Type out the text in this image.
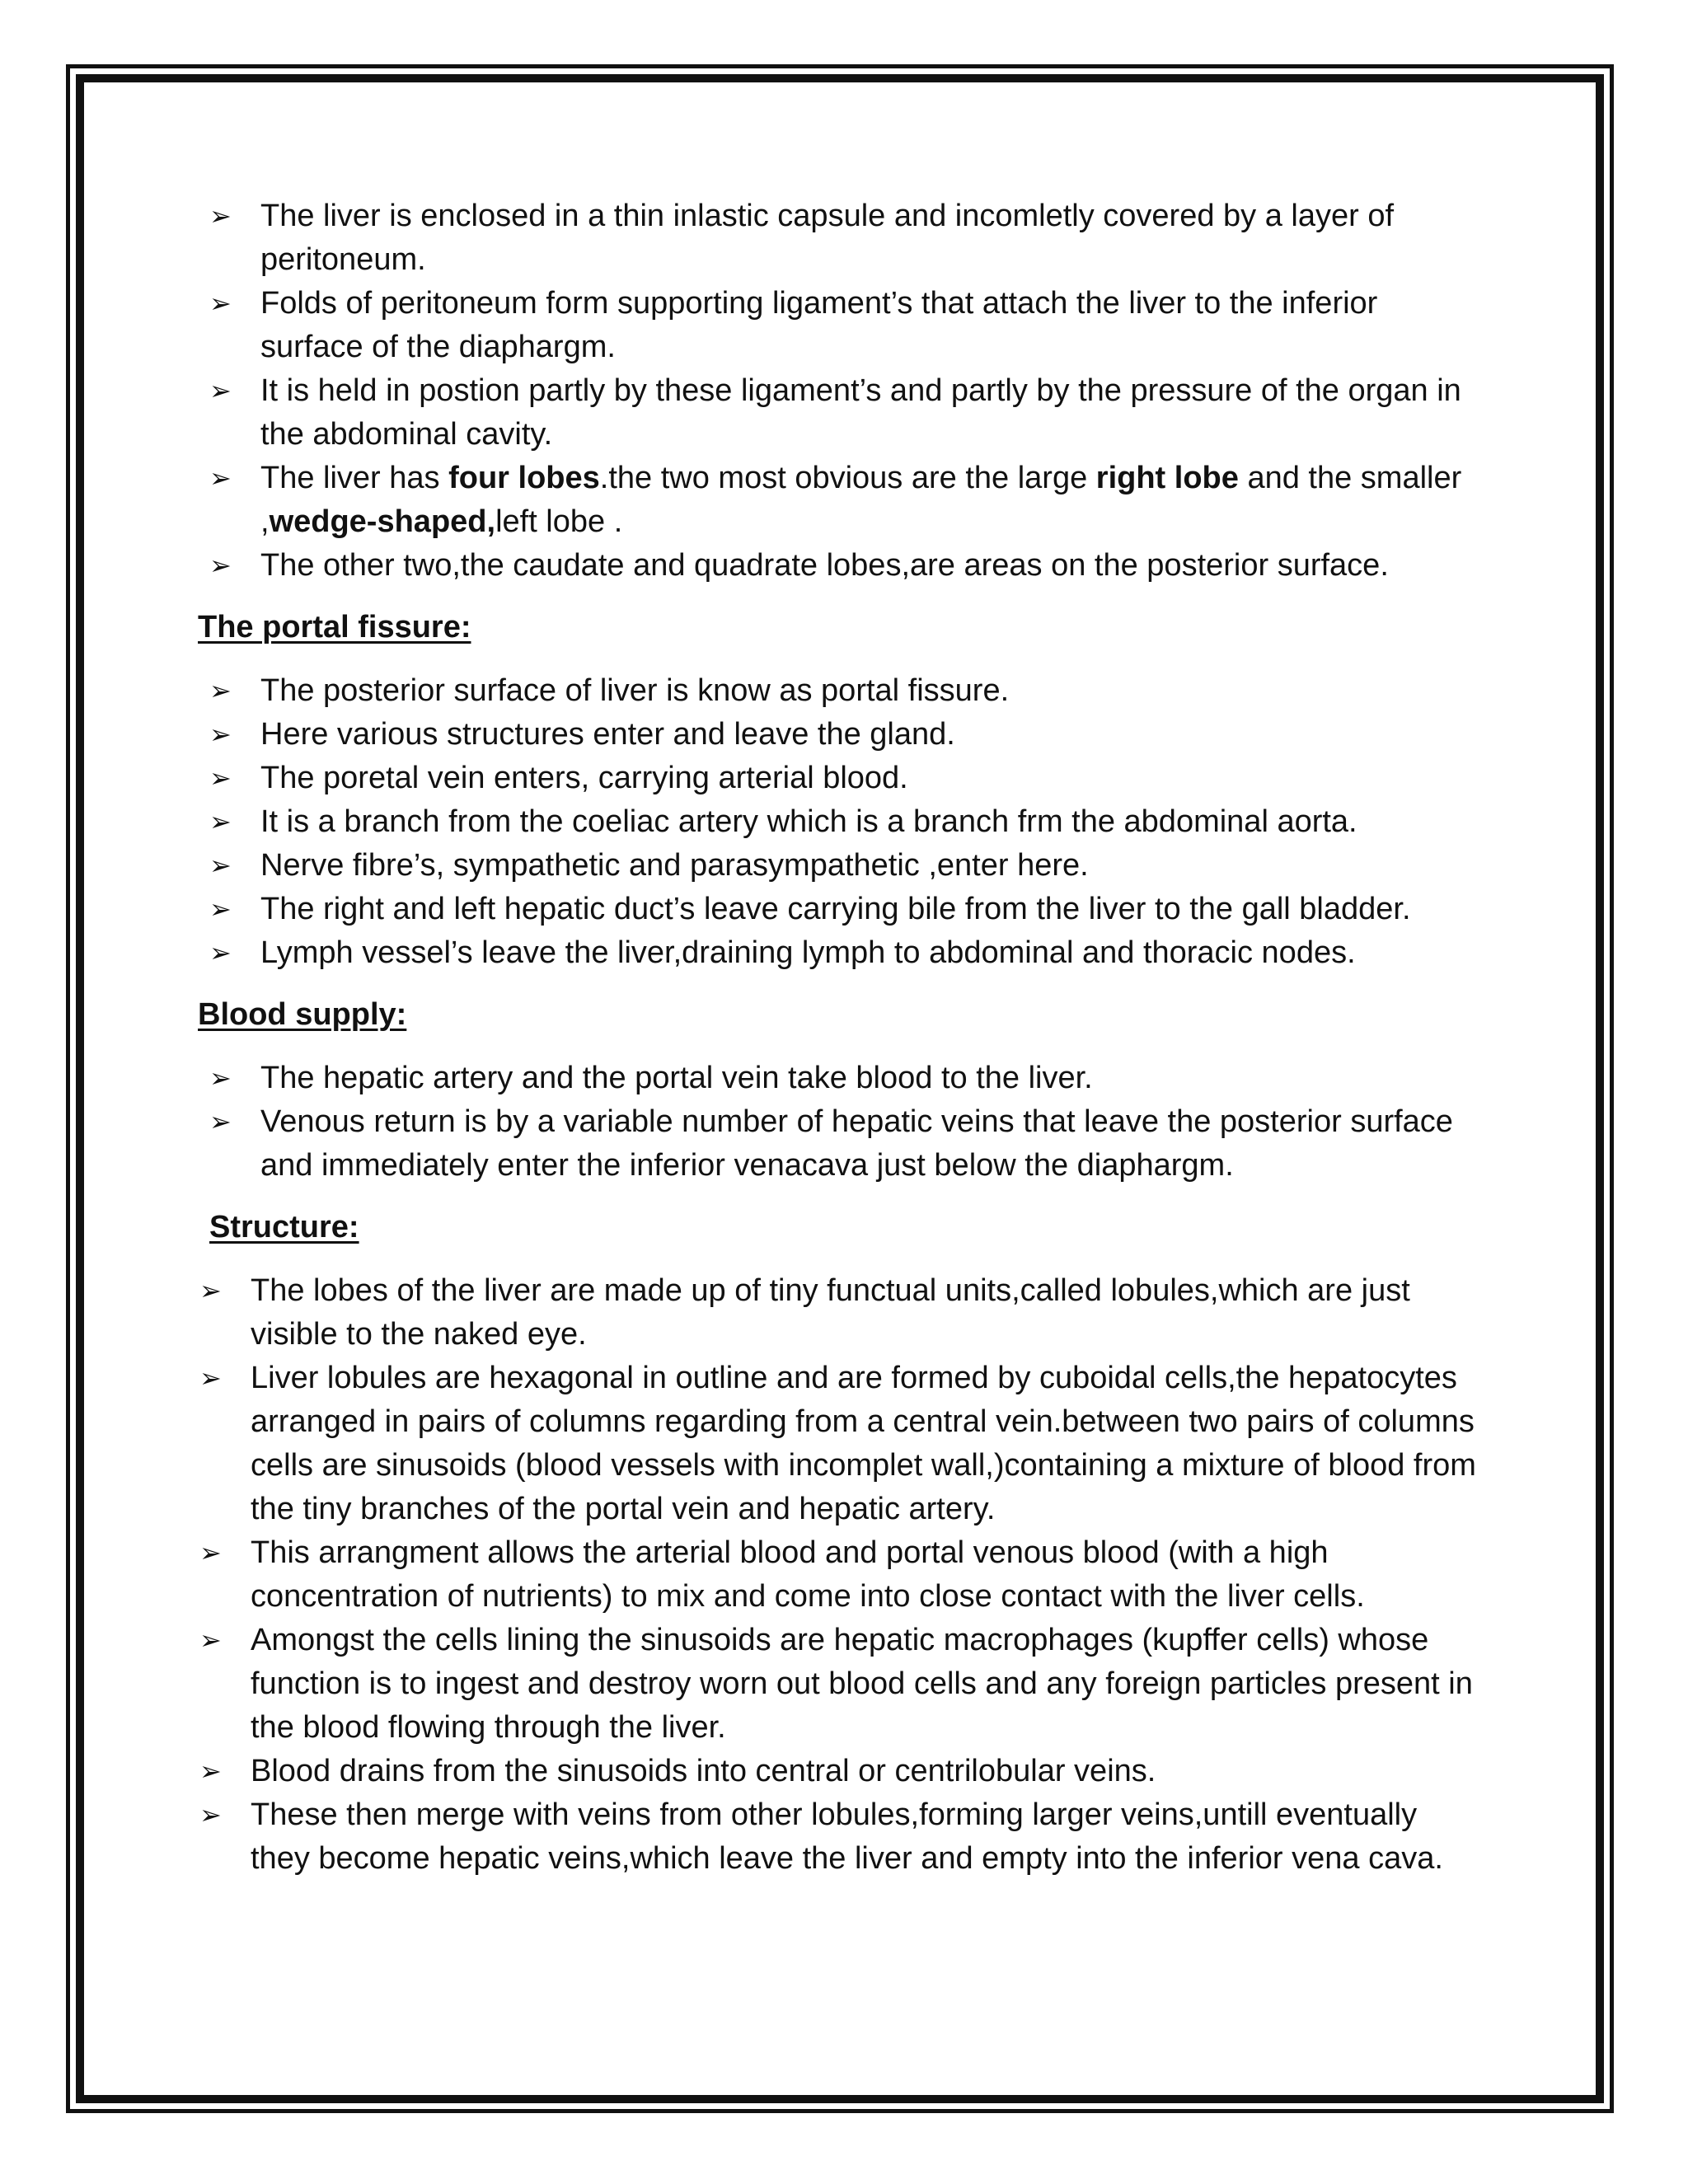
➢ The liver is enclosed in a thin inlastic capsule and incomletly covered by a layer of peritoneum.
➢ Folds of peritoneum form supporting ligament’s that attach the liver to the inferior surface of the diaphargm.
➢ It is held in postion partly by these ligament’s and partly by the pressure of the organ in the abdominal cavity.
➢ The liver has four lobes.the two most obvious are the large right lobe and the smaller ,wedge-shaped,left lobe .
➢ The other two,the caudate and quadrate lobes,are areas on the posterior surface.
The portal fissure:
➢ The posterior surface of liver is know as portal fissure.
➢ Here various structures enter and leave the gland.
➢ The poretal vein enters, carrying arterial blood.
➢ It is a branch from the coeliac artery which is a branch frm the abdominal aorta.
➢ Nerve fibre’s, sympathetic and parasympathetic ,enter here.
➢ The right and left hepatic duct’s leave carrying bile from the liver to the gall bladder.
➢ Lymph vessel’s leave the liver,draining lymph to abdominal and thoracic nodes.
Blood supply:
➢ The hepatic artery and the portal vein take blood to the liver.
➢ Venous return is by a variable number of hepatic veins that leave the posterior surface and immediately enter the inferior venacava just below the diaphargm.
Structure:
➢ The lobes of the liver are made up of tiny functual units,called lobules,which are just visible to the naked eye.
➢ Liver lobules are hexagonal in outline and are formed by cuboidal cells,the hepatocytes arranged in pairs of columns regarding from a central vein.between two pairs of columns cells are sinusoids (blood vessels with incomplet wall,)containing a mixture of blood from the tiny branches of the portal vein and hepatic artery.
➢ This arrangment allows the arterial blood and portal venous blood (with a high concentration of nutrients) to mix and come into close contact with the liver cells.
➢ Amongst the cells lining the sinusoids are hepatic macrophages (kupffer cells) whose function is to ingest and destroy worn out blood cells and any foreign particles present in the blood flowing through the liver.
➢ Blood drains from the sinusoids into central or centrilobular veins.
➢ These then merge with veins from other lobules,forming larger veins,untill eventually they become hepatic veins,which leave the liver and empty into the inferior vena cava.
